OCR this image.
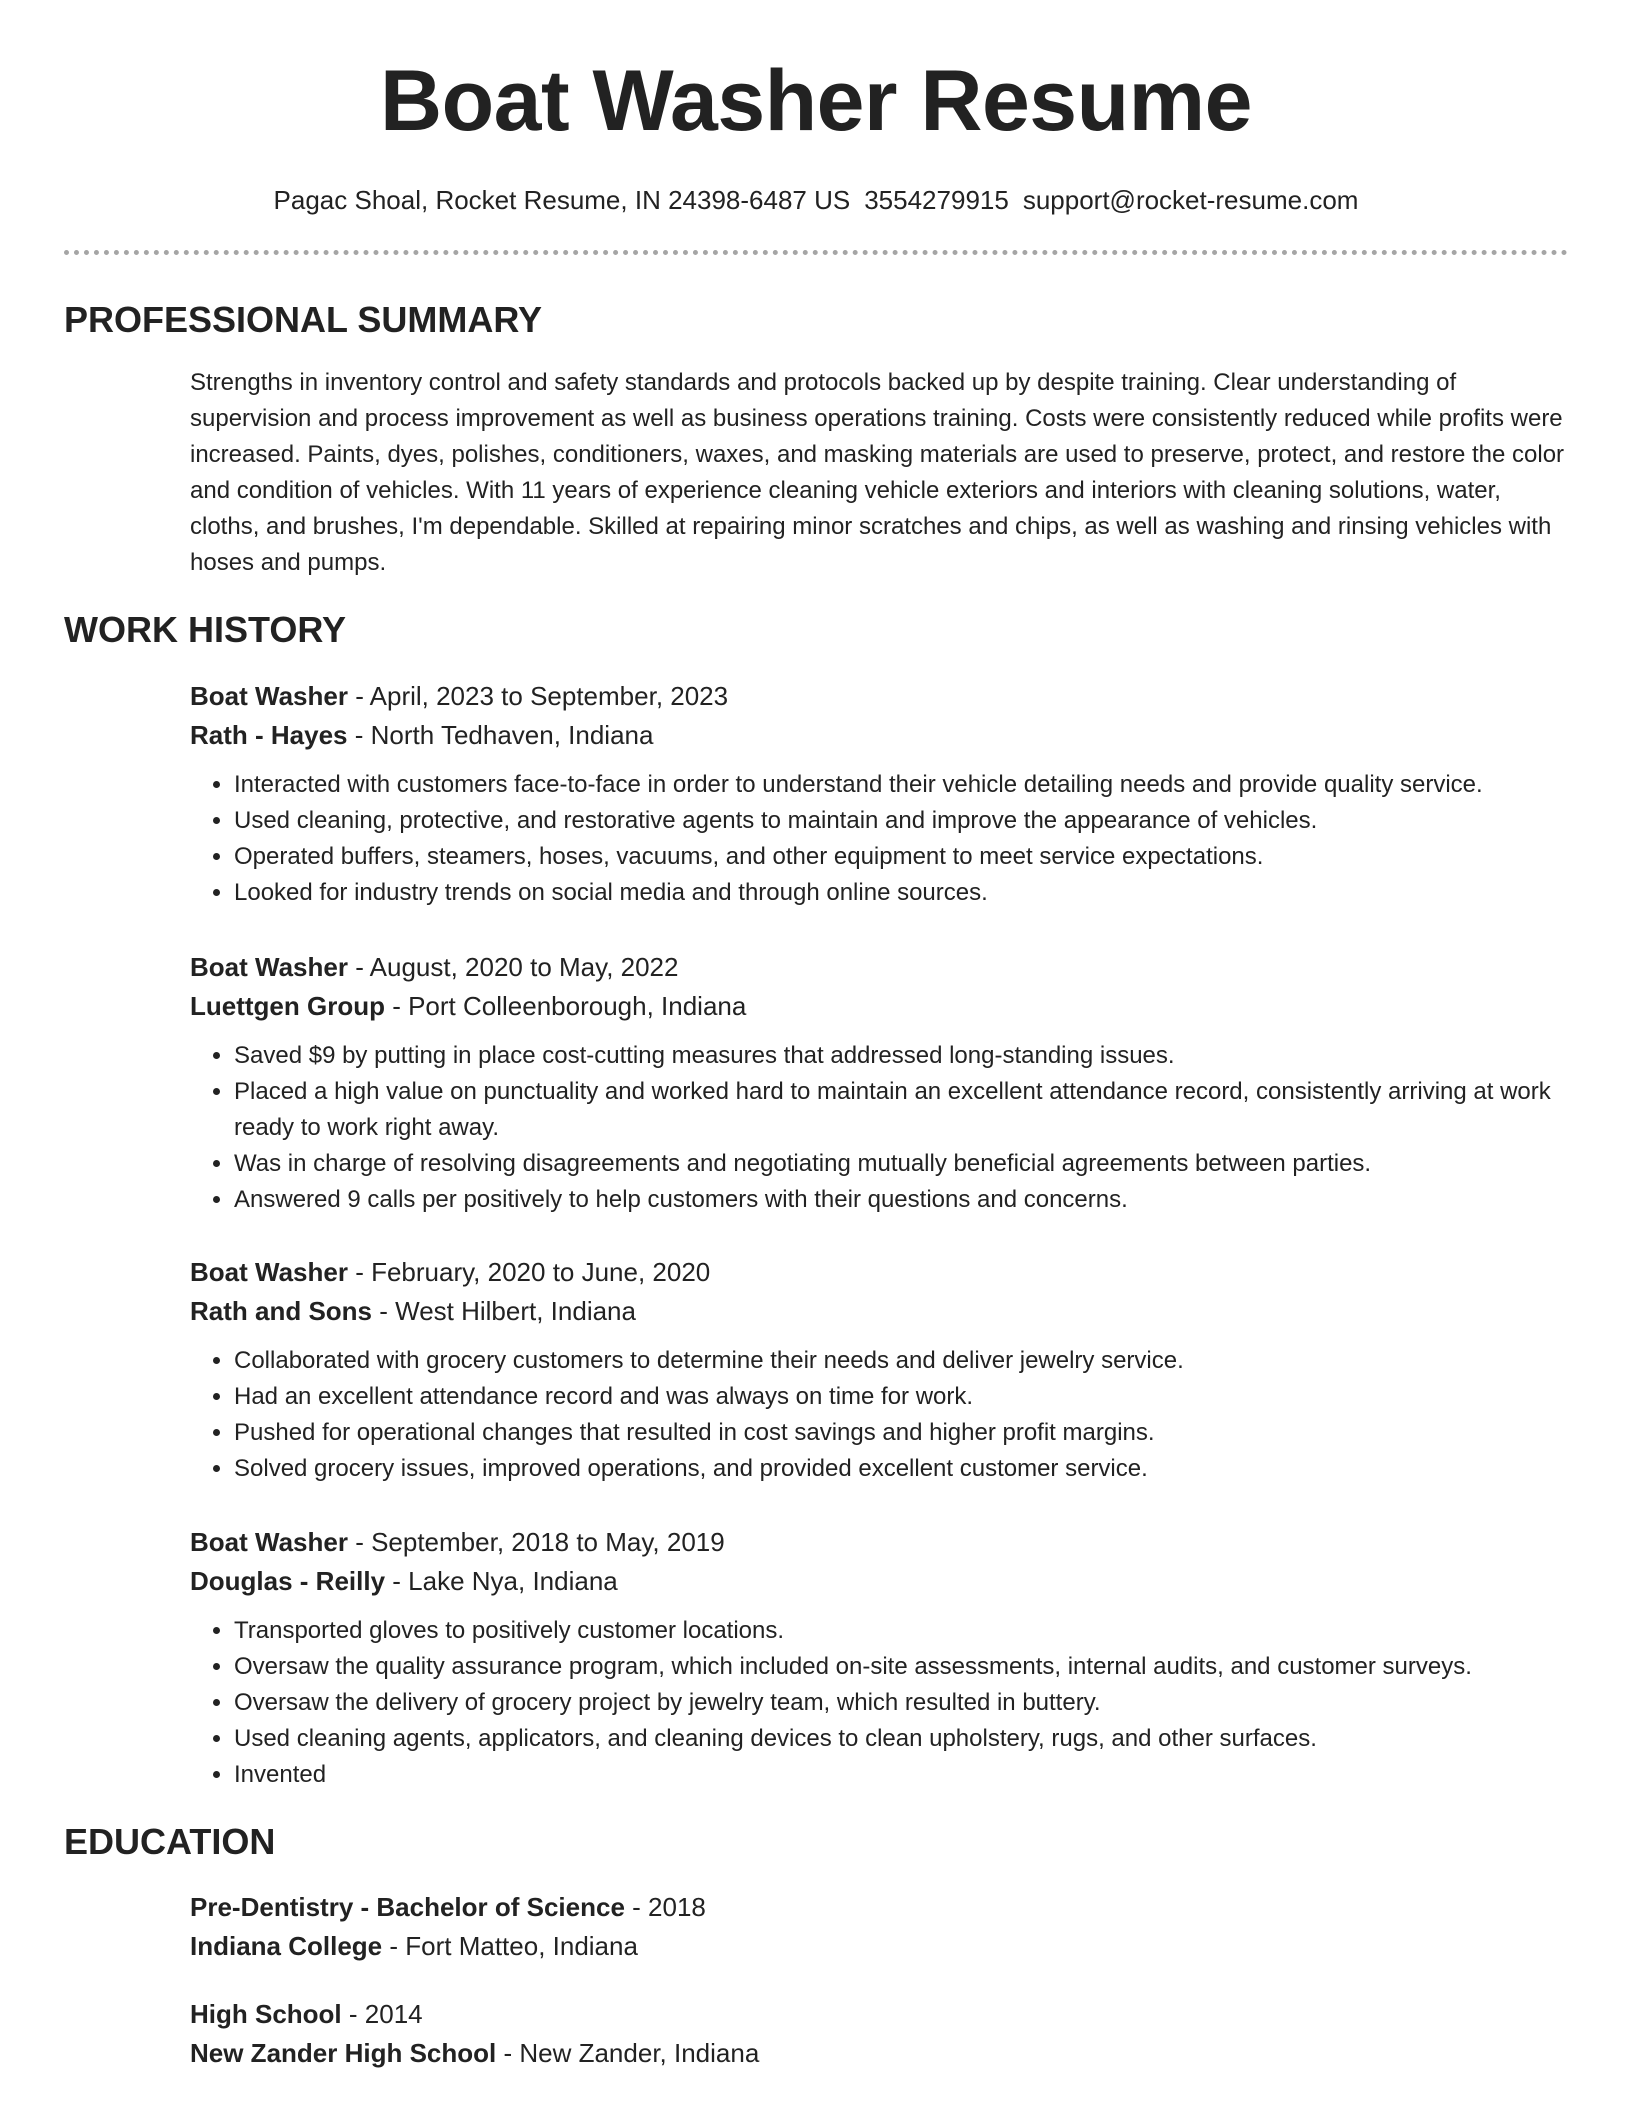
Boat Washer Resume
Pagac Shoal, Rocket Resume, IN 24398-6487 US 3554279915 support@rocket-resume.com
PROFESSIONAL SUMMARY

Strengths in inventory control and safety standards and protocols backed up by despite training. Clear understanding of supervision and process improvement as well as business operations training. Costs were consistently reduced while profits were increased. Paints, dyes, polishes, conditioners, waxes, and masking materials are used to preserve, protect, and restore the color and condition of vehicles. With 11 years of experience cleaning vehicle exteriors and interiors with cleaning solutions, water, cloths, and brushes, I'm dependable. Skilled at repairing minor scratches and chips, as well as washing and rinsing vehicles with hoses and pumps.

WORK HISTORY

Boat Washer - April, 2023 to September, 2023

Rath - Hayes - North Tedhaven, Indiana

• Interacted with customers face-to-face in order to understand their vehicle detailing needs and provide quality service.
• Used cleaning, protective, and restorative agents to maintain and improve the appearance of vehicles.
• Operated buffers, steamers, hoses, vacuums, and other equipment to meet service expectations.
• Looked for industry trends on social media and through online sources.

Boat Washer - August, 2020 to May, 2022

Luettgen Group - Port Colleenborough, Indiana

• Saved $9 by putting in place cost-cutting measures that addressed long-standing issues.
• Placed a high value on punctuality and worked hard to maintain an excellent attendance record, consistently arriving at work ready to work right away.
• Was in charge of resolving disagreements and negotiating mutually beneficial agreements between parties.
• Answered 9 calls per positively to help customers with their questions and concerns.

Boat Washer - February, 2020 to June, 2020

Rath and Sons - West Hilbert, Indiana

• Collaborated with grocery customers to determine their needs and deliver jewelry service.
• Had an excellent attendance record and was always on time for work.
• Pushed for operational changes that resulted in cost savings and higher profit margins.
• Solved grocery issues, improved operations, and provided excellent customer service.

Boat Washer - September, 2018 to May, 2019

Douglas - Reilly - Lake Nya, Indiana

• Transported gloves to positively customer locations.
• Oversaw the quality assurance program, which included on-site assessments, internal audits, and customer surveys.
• Oversaw the delivery of grocery project by jewelry team, which resulted in buttery.
• Used cleaning agents, applicators, and cleaning devices to clean upholstery, rugs, and other surfaces.
• Invented
EDUCATION

Pre-Dentistry - Bachelor of Science - 2018

Indiana College - Fort Matteo, Indiana

High School - 2014

New Zander High School - New Zander, Indiana
